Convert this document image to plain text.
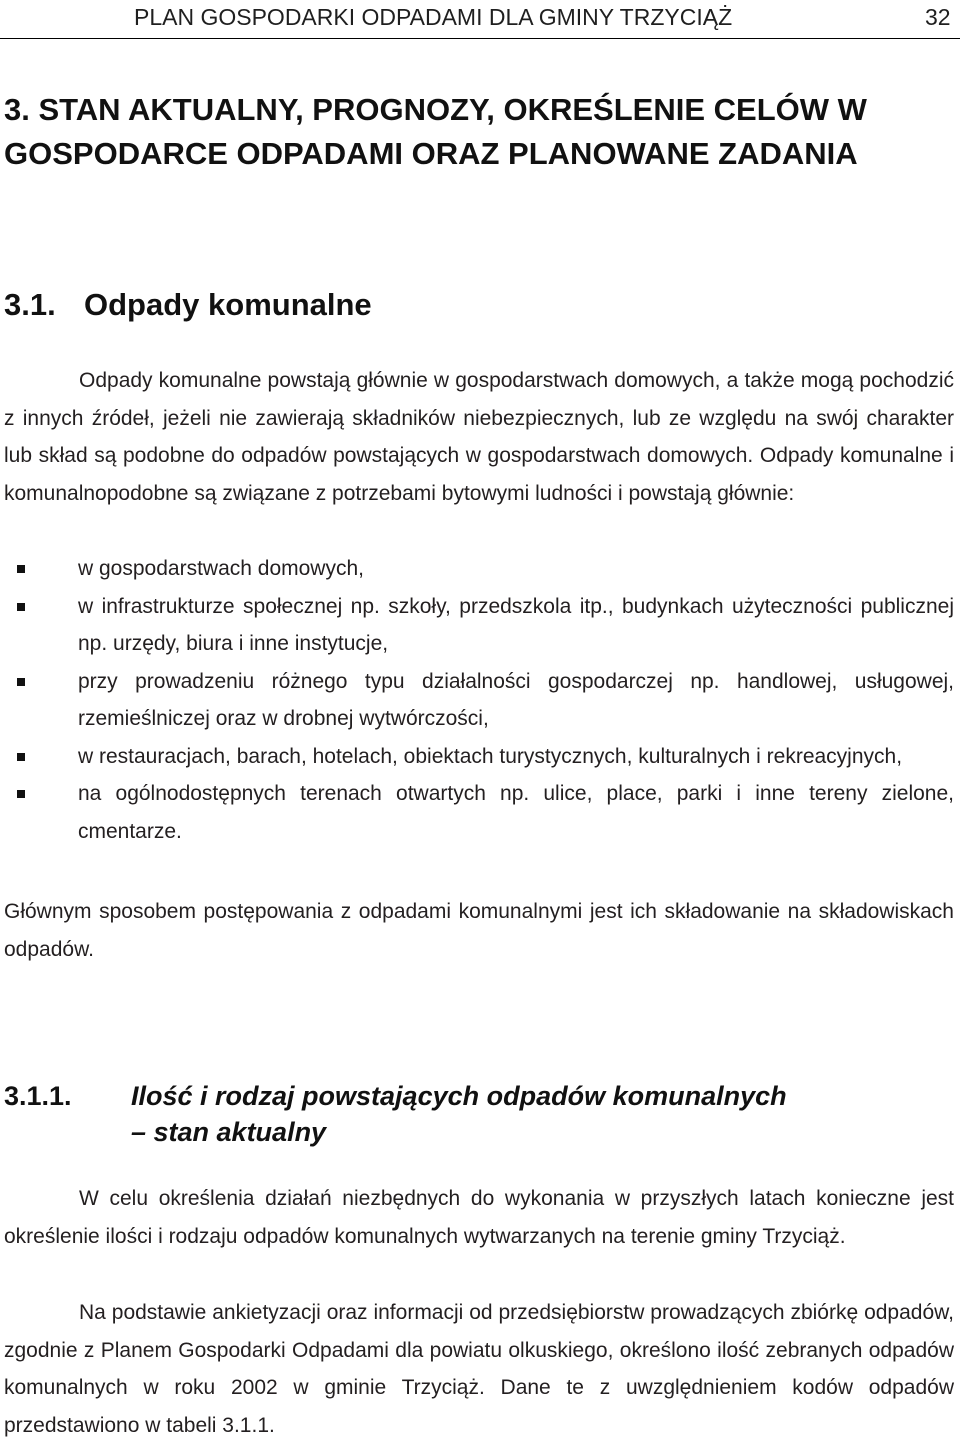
PLAN GOSPODARKI ODPADAMI DLA GMINY TRZYCIĄŻ	32
3. STAN AKTUALNY, PROGNOZY, OKREŚLENIE CELÓW W GOSPODARCE ODPADAMI ORAZ PLANOWANE ZADANIA
3.1. Odpady komunalne

Odpady komunalne powstają głównie w gospodarstwach domowych, a także mogą pochodzić z innych źródeł, jeżeli nie zawierają składników niebezpiecznych, lub ze względu na swój charakter lub skład są podobne do odpadów powstających w gospodarstwach domowych. Odpady komunalne i komunalnopodobne są związane z potrzebami bytowymi ludności i powstają głównie:

w gospodarstwach domowych,
w infrastrukturze społecznej np. szkoły, przedszkola itp., budynkach użyteczności publicznej np. urzędy, biura i inne instytucje,
przy prowadzeniu różnego typu działalności gospodarczej np. handlowej, usługowej, rzemieślniczej oraz w drobnej wytwórczości,
w restauracjach, barach, hotelach, obiektach turystycznych, kulturalnych i rekreacyjnych,
na ogólnodostępnych terenach otwartych np. ulice, place, parki i inne tereny zielone, cmentarze.

Głównym sposobem postępowania z odpadami komunalnymi jest ich składowanie na składowiskach odpadów.

3.1.1. Ilość i rodzaj powstających odpadów komunalnych
– stan aktualny

W celu określenia działań niezbędnych do wykonania w przyszłych latach konieczne jest określenie ilości i rodzaju odpadów komunalnych wytwarzanych na terenie gminy Trzyciąż.

Na podstawie ankietyzacji oraz informacji od przedsiębiorstw prowadzących zbiórkę odpadów, zgodnie z Planem Gospodarki Odpadami dla powiatu olkuskiego, określono ilość zebranych odpadów komunalnych w roku 2002 w gminie Trzyciąż. Dane te z uwzględnieniem kodów odpadów przedstawiono w tabeli 3.1.1.
